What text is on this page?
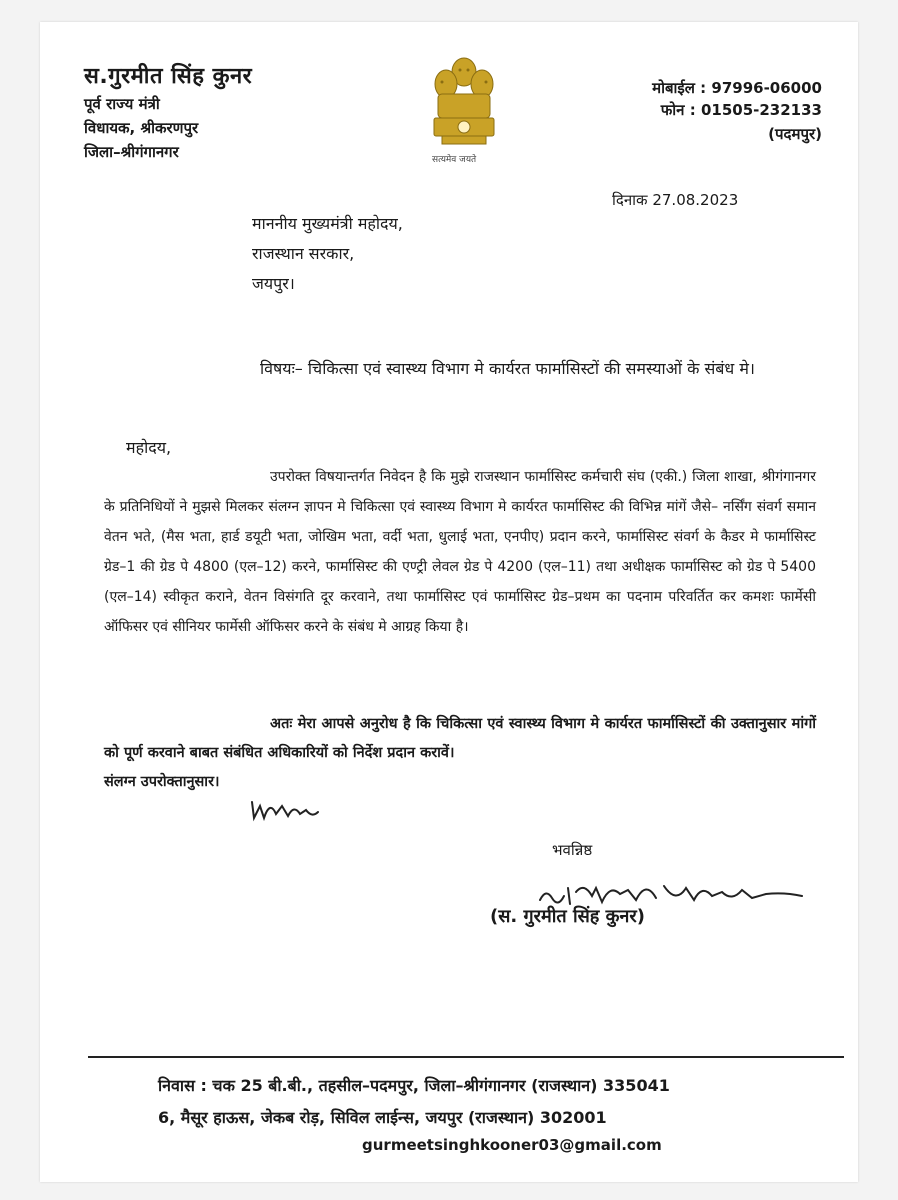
स.गुरमीत सिंह कुनर
पूर्व राज्य मंत्री
विधायक, श्रीकरणपुर
जिला–श्रीगंगानगर	सत्यमेव जयते
मोबाईल : 97996-06000
फोन : 01505-232133
(पदमपुर)
दिनाक 27.08.2023
माननीय मुख्यमंत्री महोदय,
राजस्थान सरकार,
जयपुर।
विषयः– चिकित्सा एवं स्वास्थ्य विभाग मे कार्यरत फार्मासिस्टों की समस्याओं के संबंध मे।
महोदय,
उपरोक्त विषयान्तर्गत निवेदन है कि मुझे राजस्थान फार्मासिस्ट कर्मचारी संघ (एकी.) जिला शाखा, श्रीगंगानगर के प्रतिनिधियों ने मुझसे मिलकर संलग्न ज्ञापन मे चिकित्सा एवं स्वास्थ्य विभाग मे कार्यरत फार्मासिस्ट की विभिन्न मांगें जैसे– नर्सिंग संवर्ग समान वेतन भते, (मैस भता, हार्ड डयूटी भता, जोखिम भता, वर्दी भता, धुलाई भता, एनपीए) प्रदान करने, फार्मासिस्ट संवर्ग के कैडर मे फार्मासिस्ट ग्रेड–1 की ग्रेड पे 4800 (एल–12) करने, फार्मासिस्ट की एण्ट्री लेवल ग्रेड पे 4200 (एल–11) तथा अधीक्षक फार्मासिस्ट को ग्रेड पे 5400 (एल–14) स्वीकृत कराने, वेतन विसंगति दूर करवाने, तथा फार्मासिस्ट एवं फार्मासिस्ट ग्रेड–प्रथम का पदनाम परिवर्तित कर कमशः फार्मेसी ऑफिसर एवं सीनियर फार्मेसी ऑफिसर करने के संबंध मे आग्रह किया है।
अतः मेरा आपसे अनुरोध है कि चिकित्सा एवं स्वास्थ्य विभाग मे कार्यरत फार्मासिस्टों की उक्तानुसार मांगों को पूर्ण करवाने बाबत संबंधित अधिकारियों को निर्देश प्रदान करावें।
संलग्न उपरोक्तानुसार।
भवन्निष्ठ
(स. गुरमीत सिंह कुनर)
निवास : चक 25 बी.बी., तहसील–पदमपुर, जिला–श्रीगंगानगर (राजस्थान) 335041
6, मैसूर हाऊस, जेकब रोड़, सिविल लाईन्स, जयपुर (राजस्थान) 302001
gurmeetsinghkooner03@gmail.com
